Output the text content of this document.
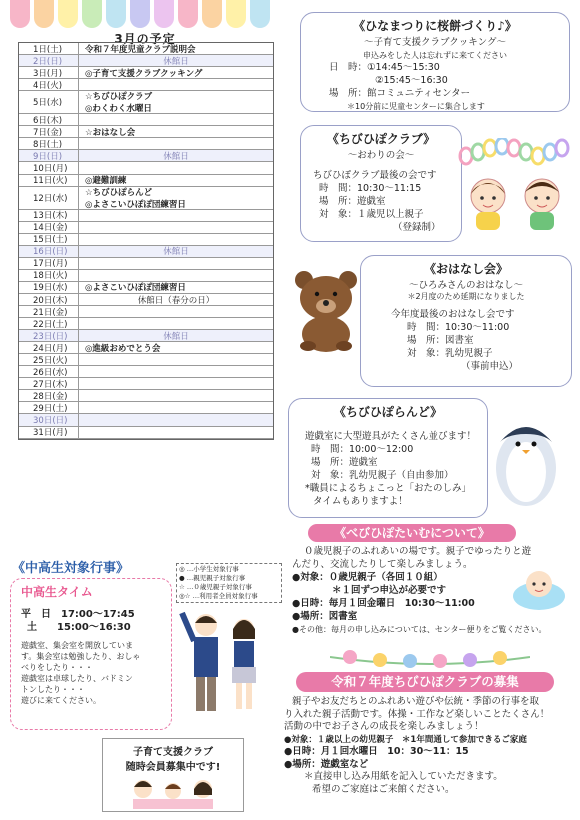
3月の予定
1日(土)	令和７年度児童クラブ説明会
2日(日)	休館日
3日(月)	◎子育て支援クラブクッキング
4日(火)
5日(水)
☆ちびひぽクラブ
◎わくわく水曜日
6日(木)
7日(金)	☆おはなし会
8日(土)
9日(日)	休館日
10日(月)
11日(火)	◎避難訓練
12日(水)
☆ちびひぽらんど
◎よさこいひぽぽ団練習日
13日(木)
14日(金)
15日(土)
16日(日)	休館日
17日(月)
18日(火)
19日(水)	◎よさこいひぽぽ団練習日
20日(木)	休館日（春分の日）
21日(金)
22日(土)
23日(日)	休館日
24日(月)	◎進級おめでとう会
25日(火)
26日(水)
27日(木)
28日(金)
29日(土)
30日(日)
31日(月)
◎ …小学生対象行事
● …親児親子対象行事
☆ …０歳児親子対象行事
◎☆ …利用者全員対象行事
《ひなまつりに桜餅づくり♪》
～子育て支援クラブクッキング～
申込みをした人は忘れずに来てください
日　時：①14:45～15:30
②15:45～16:30
場　所：館コミュニティセンター
＊10分前に児童センターに集合します
《ちびひぽクラブ》
～おわりの会～
ちびひぽクラブ最後の会です
時　間：10:30～11:15
場　所：遊戯室
対　象：１歳児以上親子
（登録制）
《おはなし会》
～ひろみさんのおはなし～
＊2月度のため延期になりました
今年度最後のおはなし会です
時　間：10:30～11:00
場　所：図書室
対　象：乳幼児親子
（事前申込）
《ちびひぽらんど》
遊戯室に大型遊具がたくさん並びます！
時　間：10:00～12:00
場　所：遊戯室
対　象：乳幼児親子（自由参加）
*職員によるちょこっと「おたのしみ」
タイムもありますよ！
《べびひぽたいむについて》
０歳児親子のふれあいの場です。親子でゆったりと遊
んだり、交流したりして楽しみましょう。
●対象：０歳児親子（各回１０組）
＊１回ずつ申込が必要です
●日時：毎月１回金曜日　10:30～11:00
●場所：図書室
●その他：毎月の申し込みについては、センター便りをご覧ください。
令和７年度ちびひぽクラブの募集
親子やお友だちとのふれあい遊びや伝統・季節の行事を取
り入れた親子活動です。体操・工作など楽しいことたくさん！
活動の中でお子さんの成長を楽しみましょう！
●対象：１歳以上の幼児親子　＊1年間通して参加できるご家庭
●日時：月１回水曜日　10：30～11：15
●場所：遊戯室など
＊直接申し込み用紙を記入していただきます。
希望のご家庭はご来館ください。
《中高生対象行事》
中高生タイム
平　日　17:00～17:45
土　　15:00～16:30
遊戯室、集会室を開放していま
す。集会室は勉強したり、おしゃ
べりをしたり・・・
遊戯室は卓球したり、バドミン
トンしたり・・・
遊びに来てください。
子育て支援クラブ
随時会員募集中です!
